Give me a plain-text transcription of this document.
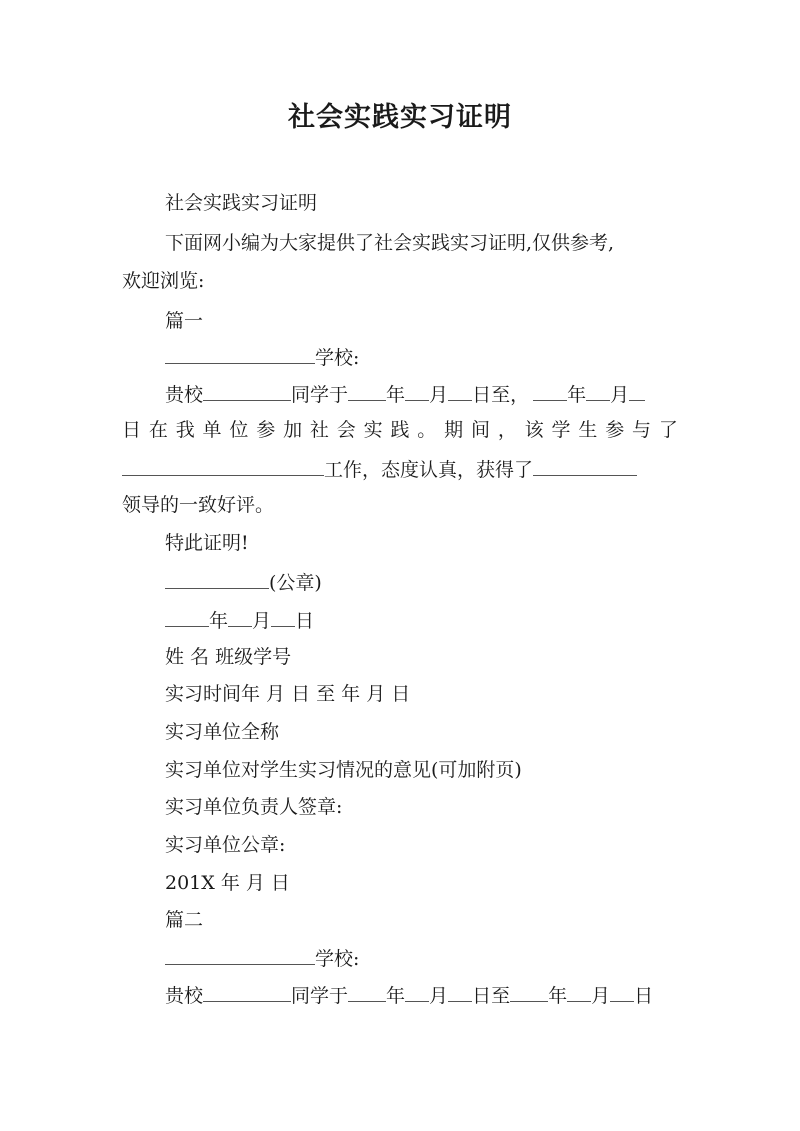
社会实践实习证明
社会实践实习证明
下面网小编为大家提供了社会实践实习证明,仅供参考,
欢迎浏览:
篇一
学校:
贵校	同学于 年 月 日至， 年 月
日 在 我 单 位 参 加 社 会 实 践 。 期 间 ， 该 学 生 参 与 了
工作，态度认真，获得了
领导的一致好评。
特此证明!
(公章)
年 月 日
姓 名 班级学号
实习时间年 月 日 至 年 月 日
实习单位全称
实习单位对学生实习情况的意见(可加附页)
实习单位负责人签章:
实习单位公章:
201X 年 月 日
篇二
学校:
贵校	同学于 年 月 日至 年 月 日
